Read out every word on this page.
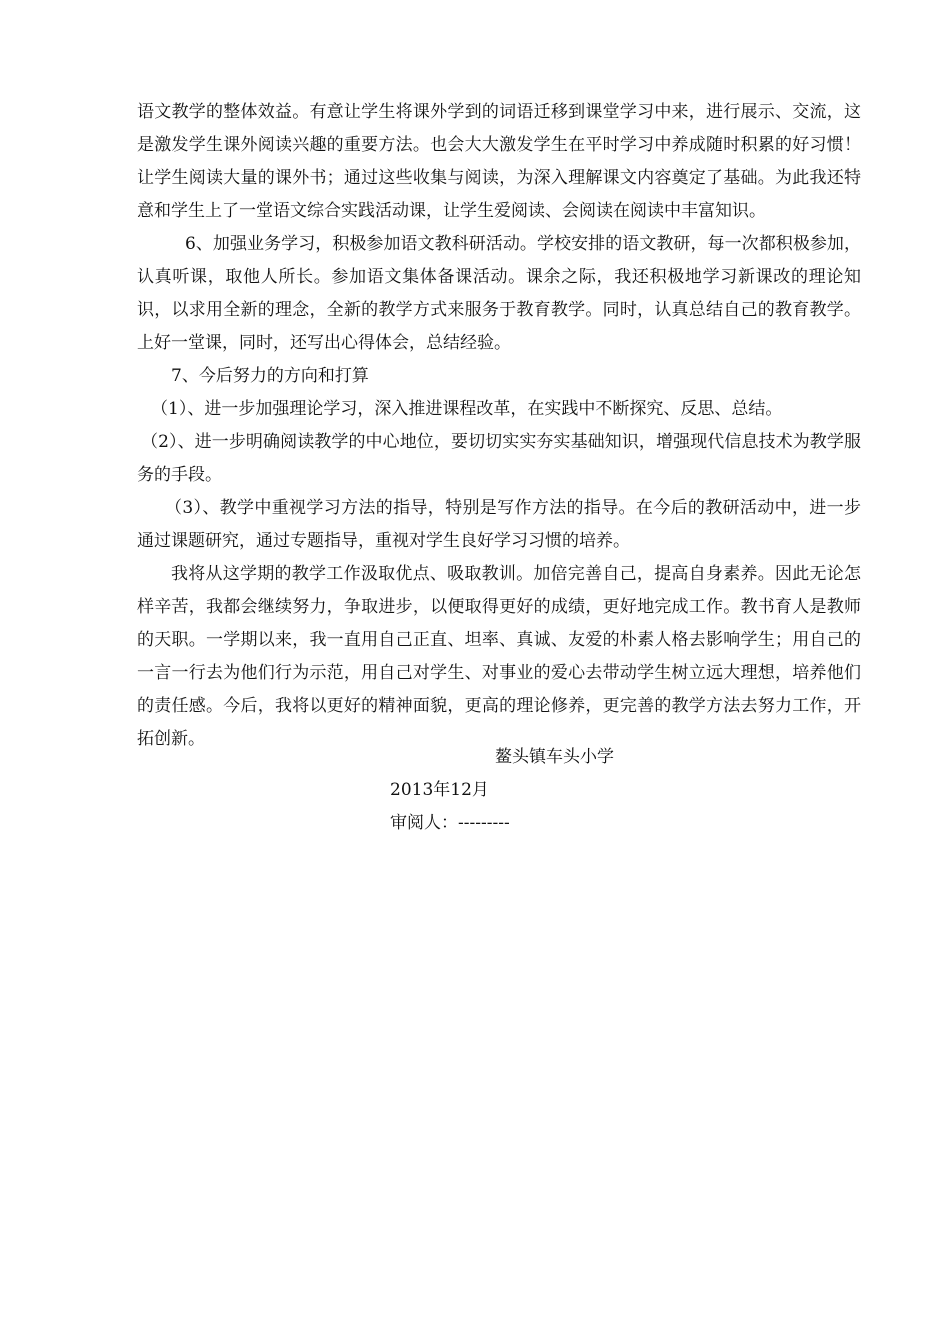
语文教学的整体效益。有意让学生将课外学到的词语迁移到课堂学习中来，进行展示、交流，这是激发学生课外阅读兴趣的重要方法。也会大大激发学生在平时学习中养成随时积累的好习惯！让学生阅读大量的课外书；通过这些收集与阅读，为深入理解课文内容奠定了基础。为此我还特意和学生上了一堂语文综合实践活动课，让学生爱阅读、会阅读在阅读中丰富知识。

6、加强业务学习，积极参加语文教科研活动。学校安排的语文教研，每一次都积极参加，认真听课，取他人所长。参加语文集体备课活动。课余之际，我还积极地学习新课改的理论知识，以求用全新的理念，全新的教学方式来服务于教育教学。同时，认真总结自己的教育教学。上好一堂课，同时，还写出心得体会，总结经验。

7、今后努力的方向和打算

（1）、进一步加强理论学习，深入推进课程改革，在实践中不断探究、反思、总结。

（2）、进一步明确阅读教学的中心地位，要切切实实夯实基础知识，增强现代信息技术为教学服务的手段。

（3）、教学中重视学习方法的指导，特别是写作方法的指导。在今后的教研活动中，进一步通过课题研究，通过专题指导，重视对学生良好学习习惯的培养。

我将从这学期的教学工作汲取优点、吸取教训。加倍完善自己，提高自身素养。因此无论怎样辛苦，我都会继续努力，争取进步，以便取得更好的成绩，更好地完成工作。教书育人是教师的天职。一学期以来，我一直用自己正直、坦率、真诚、友爱的朴素人格去影响学生；用自己的一言一行去为他们行为示范，用自己对学生、对事业的爱心去带动学生树立远大理想，培养他们的责任感。今后，我将以更好的精神面貌，更高的理论修养，更完善的教学方法去努力工作，开拓创新。

鳌头镇车头小学
2013年12月
审阅人：---------
